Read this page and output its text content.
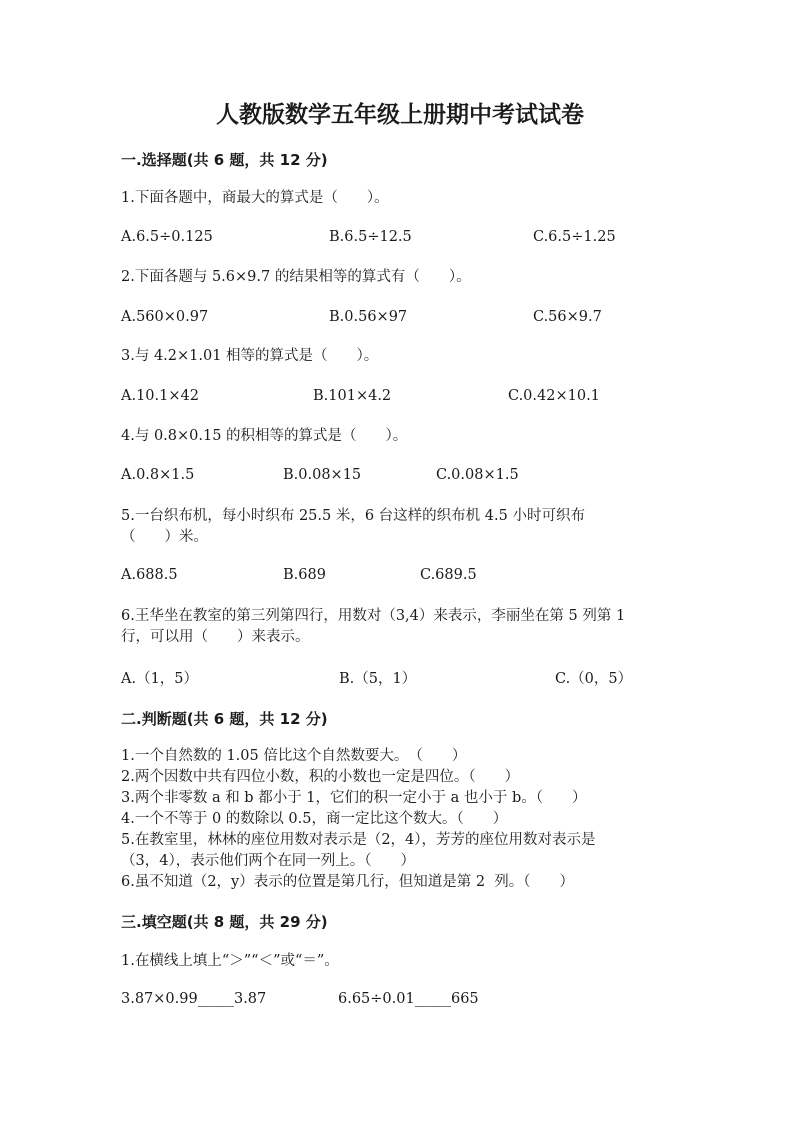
人教版数学五年级上册期中考试试卷
一.选择题(共 6 题，共 12 分)
1.下面各题中，商最大的算式是（　　）。
A.6.5÷0.125	B.6.5÷12.5	C.6.5÷1.25
2.下面各题与 5.6×9.7 的结果相等的算式有（　　）。
A.560×0.97	B.0.56×97	C.56×9.7
3.与 4.2×1.01 相等的算式是（　　）。
A.10.1×42	B.101×4.2	C.0.42×10.1
4.与 0.8×0.15 的积相等的算式是（　　）。
A.0.8×1.5	B.0.08×15	C.0.08×1.5
5.一台织布机，每小时织布 25.5 米，6 台这样的织布机 4.5 小时可织布
（　　）米。
A.688.5	B.689	C.689.5
6.王华坐在教室的第三列第四行，用数对（3,4）来表示，李丽坐在第 5 列第 1
行，可以用（　　）来表示。
A.（1，5）	B.（5，1）	C.（0，5）
二.判断题(共 6 题，共 12 分)
1.一个自然数的 1.05 倍比这个自然数要大。　（　　）
2.两个因数中共有四位小数，积的小数也一定是四位。（　　）
3.两个非零数 a 和 b 都小于 1，它们的积一定小于 a 也小于 b。（　　）
4.一个不等于 0 的数除以 0.5，商一定比这个数大。（　　）
5.在教室里，林林的座位用数对表示是（2，4），芳芳的座位用数对表示是
（3，4），表示他们两个在同一列上。（　　）
6.虽不知道（2，y）表示的位置是第几行，但知道是第 2  列。（　　）
三.填空题(共 8 题，共 29 分)
1.在横线上填上“＞”“＜”或“＝”。
3.87×0.99_____3.87	6.65÷0.01_____665
